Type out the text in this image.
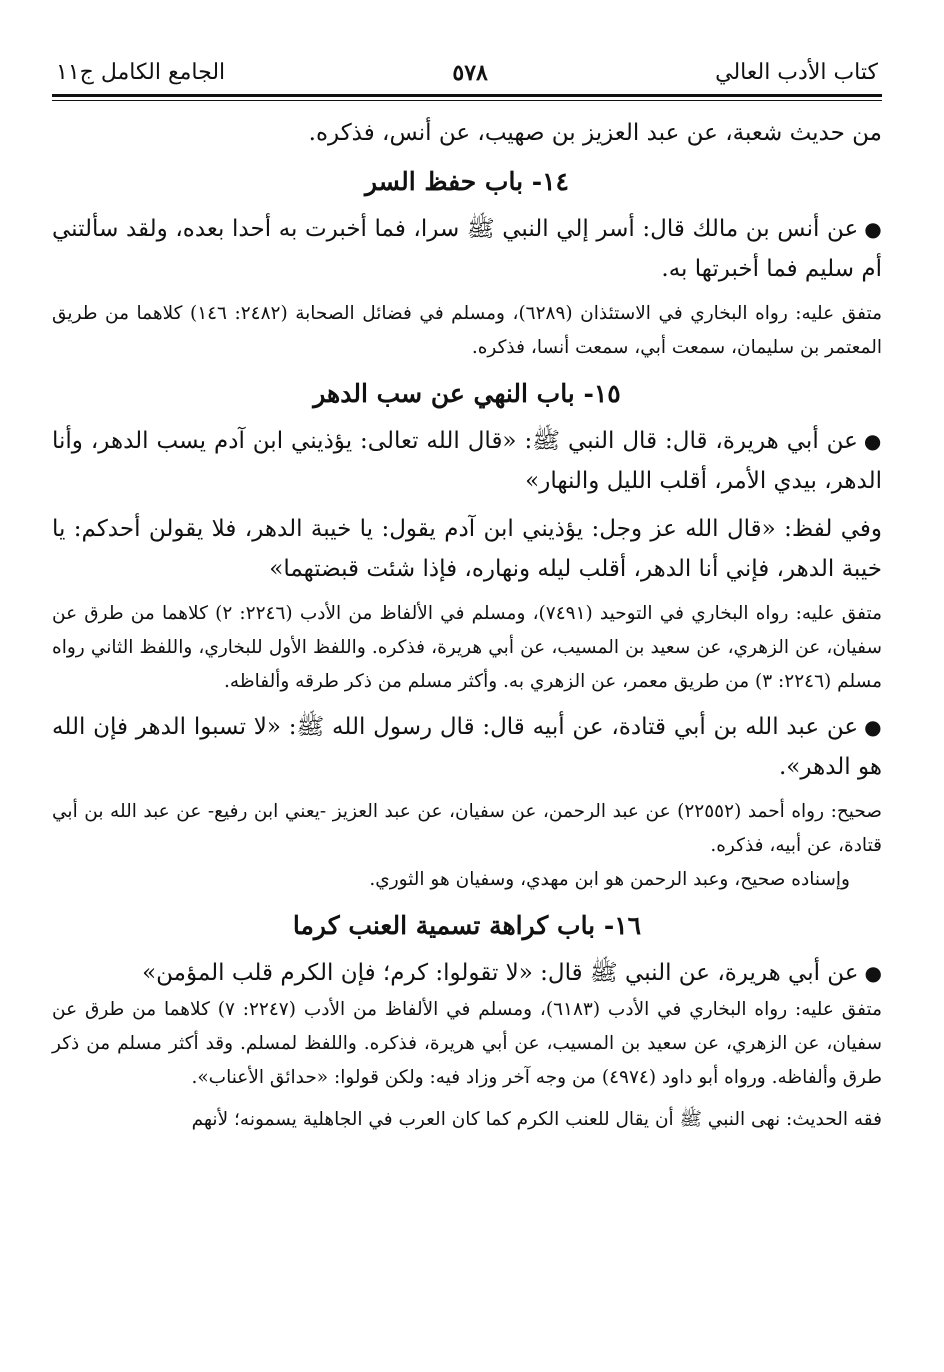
كتاب الأدب العالي
٥٧٨
الجامع الكامل ج١١

من حديث شعبة، عن عبد العزيز بن صهيب، عن أنس، فذكره.

١٤- باب حفظ السر

●عن أنس بن مالك قال: أسر إلي النبي ﷺ سرا، فما أخبرت به أحدا بعده، ولقد سألتني أم سليم فما أخبرتها به.

متفق عليه: رواه البخاري في الاستئذان (٦٢٨٩)، ومسلم في فضائل الصحابة (٢٤٨٢: ١٤٦) كلاهما من طريق المعتمر بن سليمان، سمعت أبي، سمعت أنسا، فذكره.

١٥- باب النهي عن سب الدهر

●عن أبي هريرة، قال: قال النبي ﷺ: «قال الله تعالى: يؤذيني ابن آدم يسب الدهر، وأنا الدهر، بيدي الأمر، أقلب الليل والنهار»

وفي لفظ: «قال الله عز وجل: يؤذيني ابن آدم يقول: يا خيبة الدهر، فلا يقولن أحدكم: يا خيبة الدهر، فإني أنا الدهر، أقلب ليله ونهاره، فإذا شئت قبضتهما»

متفق عليه: رواه البخاري في التوحيد (٧٤٩١)، ومسلم في الألفاظ من الأدب (٢٢٤٦: ٢) كلاهما من طرق عن سفيان، عن الزهري، عن سعيد بن المسيب، عن أبي هريرة، فذكره. واللفظ الأول للبخاري، واللفظ الثاني رواه مسلم (٢٢٤٦: ٣) من طريق معمر، عن الزهري به. وأكثر مسلم من ذكر طرقه وألفاظه.

●عن عبد الله بن أبي قتادة، عن أبيه قال: قال رسول الله ﷺ: «لا تسبوا الدهر فإن الله هو الدهر».

صحيح: رواه أحمد (٢٢٥٥٢) عن عبد الرحمن، عن سفيان، عن عبد العزيز -يعني ابن رفيع- عن عبد الله بن أبي قتادة، عن أبيه، فذكره.

وإسناده صحيح، وعبد الرحمن هو ابن مهدي، وسفيان هو الثوري.

١٦- باب كراهة تسمية العنب كرما

●عن أبي هريرة، عن النبي ﷺ قال: «لا تقولوا: كرم؛ فإن الكرم قلب المؤمن»

متفق عليه: رواه البخاري في الأدب (٦١٨٣)، ومسلم في الألفاظ من الأدب (٢٢٤٧: ٧) كلاهما من طرق عن سفيان، عن الزهري، عن سعيد بن المسيب، عن أبي هريرة، فذكره. واللفظ لمسلم. وقد أكثر مسلم من ذكر طرق وألفاظه. ورواه أبو داود (٤٩٧٤) من وجه آخر وزاد فيه: ولكن قولوا: «حدائق الأعناب».

فقه الحديث: نهى النبي ﷺ أن يقال للعنب الكرم كما كان العرب في الجاهلية يسمونه؛ لأنهم
